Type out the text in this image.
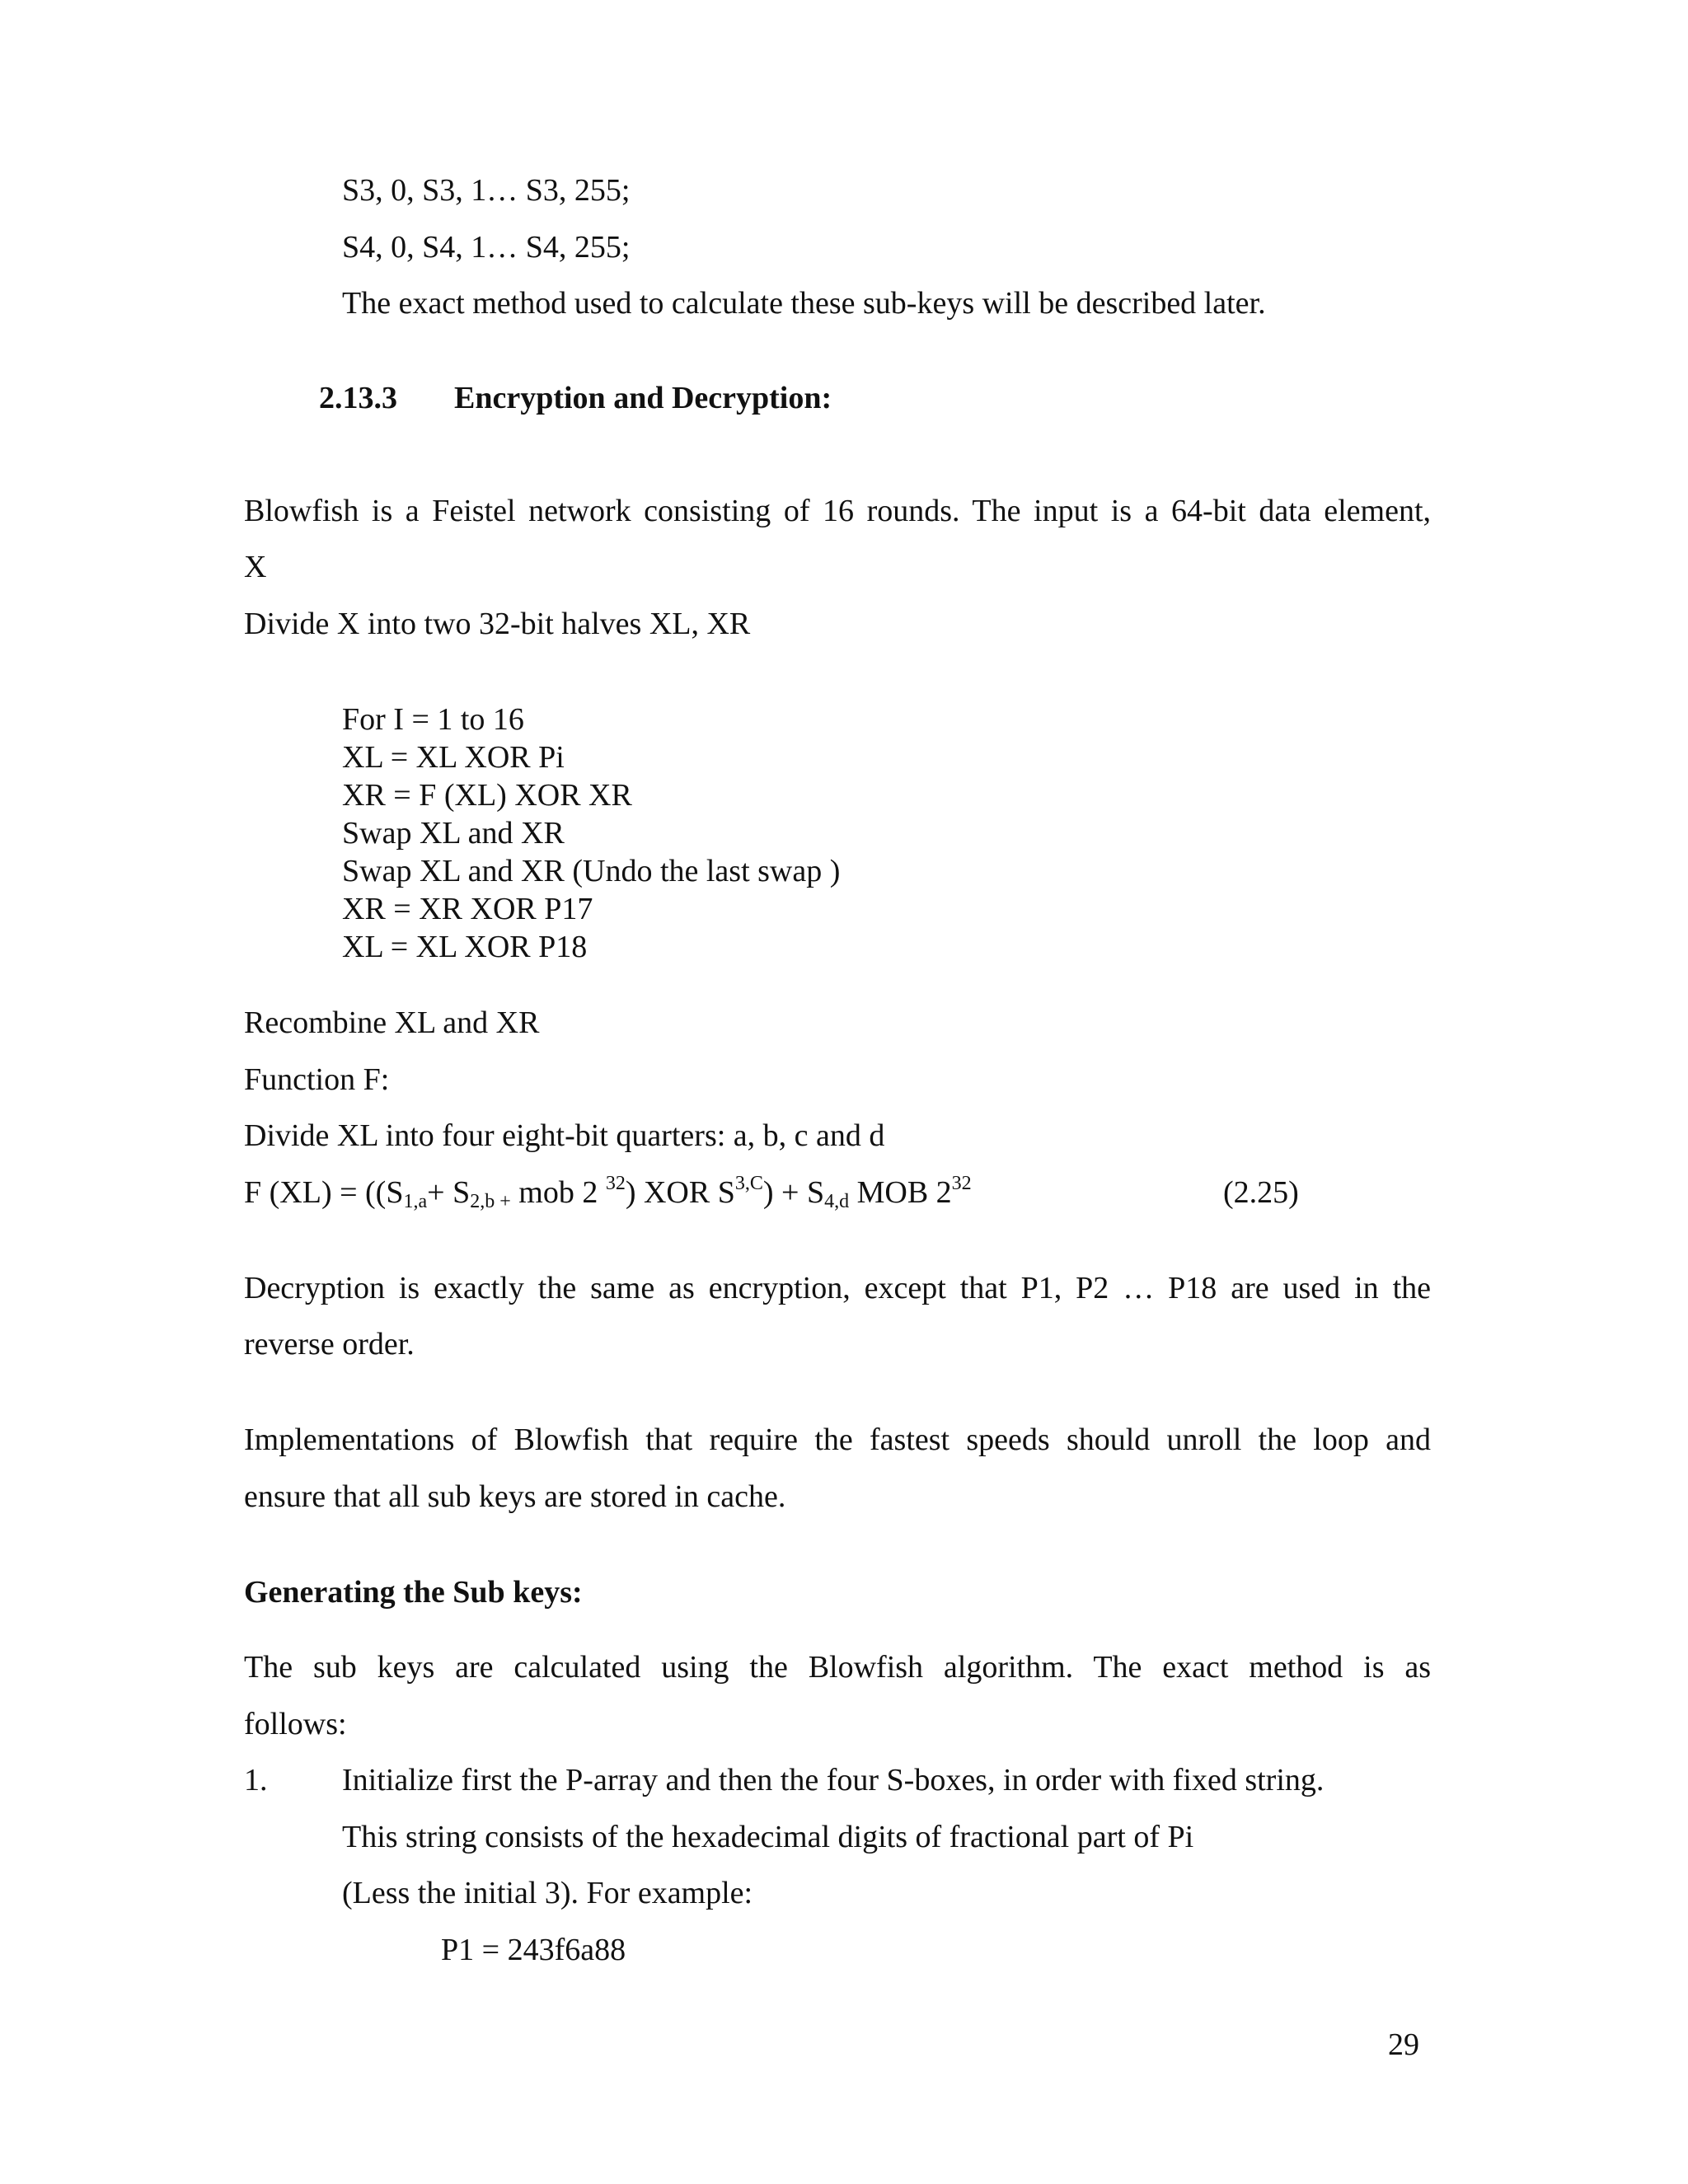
S3, 0, S3, 1… S3, 255;
S4, 0, S4, 1… S4, 255;
The exact method used to calculate these sub-keys will be described later.
2.13.3 Encryption and Decryption:
Blowfish is a Feistel network consisting of 16 rounds. The input is a 64-bit data element,
X
Divide X into two 32-bit halves XL, XR
For I = 1 to 16
XL = XL XOR Pi
XR = F (XL) XOR XR
Swap XL and XR
Swap XL and XR (Undo the last swap )
XR = XR XOR P17
XL = XL XOR P18
Recombine XL and XR
Function F:
Divide XL into four eight-bit quarters: a, b, c and d
F $(XL) = ((S_{1,a}+ S_{2,b +}$ mob 2 $^{32}$) XOR $S^{3,C}) + S_{4,d}$ MOB $2^{32}$	(2.25)
Decryption is exactly the same as encryption, except that P1, P2 … P18 are used in the
reverse order.
Implementations of Blowfish that require the fastest speeds should unroll the loop and
ensure that all sub keys are stored in cache.
Generating the Sub keys:
The sub keys are calculated using the Blowfish algorithm. The exact method is as
follows:
1. Initialize first the P-array and then the four S-boxes, in order with fixed string.
This string consists of the hexadecimal digits of fractional part of Pi
(Less the initial 3). For example:
P1 = 243f6a88
29
